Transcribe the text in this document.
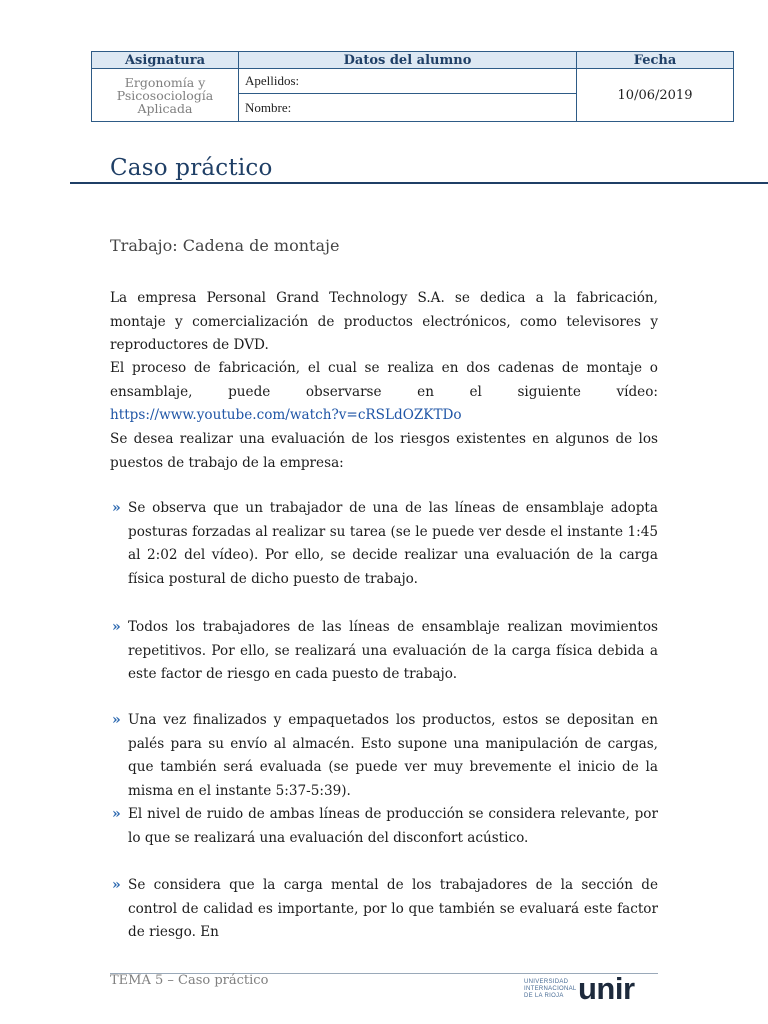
Asignatura	Datos del alumno	Fecha

Ergonomía y
Psicosociología
Aplicada	Apellidos:	10/06/2019
	Nombre:	
Caso práctico
Trabajo: Cadena de montaje
La empresa Personal Grand Technology S.A. se dedica a la fabricación, montaje y comercialización de productos electrónicos, como televisores y reproductores de DVD.
El proceso de fabricación, el cual se realiza en dos cadenas de montaje o ensamblaje, puede observarse en el siguiente vídeo: https://www.youtube.com/watch?v=cRSLdOZKTDo
Se desea realizar una evaluación de los riesgos existentes en algunos de los puestos de trabajo de la empresa:
» Se observa que un trabajador de una de las líneas de ensamblaje adopta posturas forzadas al realizar su tarea (se le puede ver desde el instante 1:45 al 2:02 del vídeo). Por ello, se decide realizar una evaluación de la carga física postural de dicho puesto de trabajo.
» Todos los trabajadores de las líneas de ensamblaje realizan movimientos repetitivos. Por ello, se realizará una evaluación de la carga física debida a este factor de riesgo en cada puesto de trabajo.
» Una vez finalizados y empaquetados los productos, estos se depositan en palés para su envío al almacén. Esto supone una manipulación de cargas, que también será evaluada (se puede ver muy brevemente el inicio de la misma en el instante 5:37-5:39).
» El nivel de ruido de ambas líneas de producción se considera relevante, por lo que se realizará una evaluación del disconfort acústico.
» Se considera que la carga mental de los trabajadores de la sección de control de calidad es importante, por lo que también se evaluará este factor de riesgo. En
TEMA 5 – Caso práctico	UNIVERSIDAD
INTERNACIONAL
DE LA RIOJA unir
